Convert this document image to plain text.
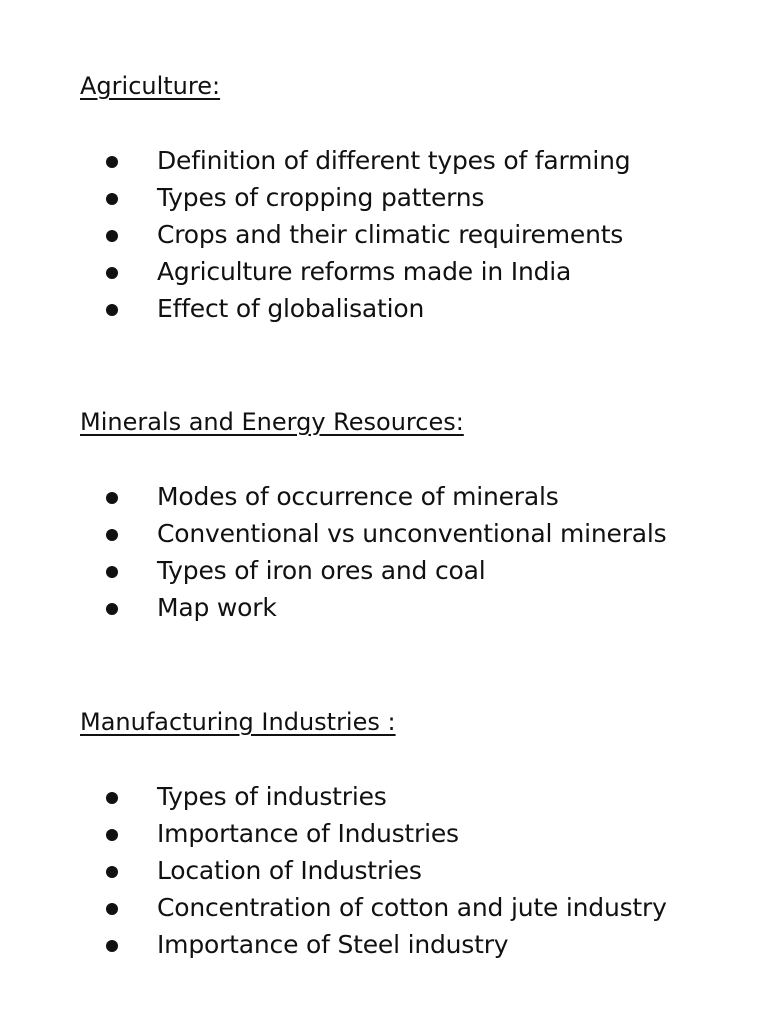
Agriculture:
Definition of different types of farming
Types of cropping patterns
Crops and their climatic requirements
Agriculture reforms made in India
Effect of globalisation
Minerals and Energy Resources:
Modes of occurrence of minerals
Conventional vs unconventional minerals
Types of iron ores and coal
Map work
Manufacturing Industries :
Types of industries
Importance of Industries
Location of Industries
Concentration of cotton and jute industry
Importance of Steel industry
